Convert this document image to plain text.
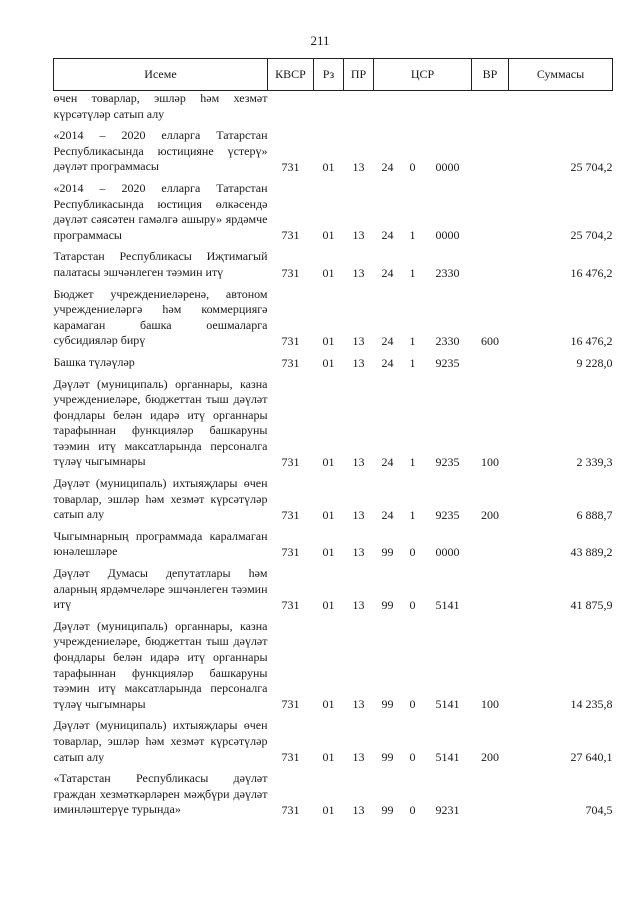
211
Исеме	КВСР	Рз	ПР	ЦСР			ВР	Суммасы
өчен товарлар, эшләр һәм хезмәт күрсәтүләр сатып алу								

«2014 – 2020 елларга Татарстан Республикасында юстицияне үстерү» дәүләт программасы	731	01	13	24	0	0000		25 704,2

«2014 – 2020 елларга Татарстан Республикасында юстиция өлкәсендә дәүләт сәясәтен гамәлгә ашыру» ярдәмче программасы	731	01	13	24	1	0000		25 704,2

Татарстан Республикасы Иҗтимагый палатасы эшчәнлеген тәэмин итү	731	01	13	24	1	2330		16 476,2

Бюджет учреждениеләренә, автоном учреждениеләргә һәм коммерциягә карамаган башка оешмаларга субсидияләр бирү	731	01	13	24	1	2330	600	16 476,2

Башка түләүләр	731	01	13	24	1	9235		9 228,0

Дәүләт (муниципаль) органнары, казна учреждениеләре, бюджеттан тыш дәүләт фондлары белән идарә итү органнары тарафыннан функцияләр башкаруны тәэмин итү максатларында персоналга түләү чыгымнары	731	01	13	24	1	9235	100	2 339,3

Дәүләт (муниципаль) ихтыяҗлары өчен товарлар, эшләр һәм хезмәт күрсәтүләр сатып алу	731	01	13	24	1	9235	200	6 888,7

Чыгымнарның программада каралмаган юнәлешләре	731	01	13	99	0	0000		43 889,2

Дәүләт Думасы депутатлары һәм аларның ярдәмчеләре эшчәнлеген тәэмин итү	731	01	13	99	0	5141		41 875,9

Дәүләт (муниципаль) органнары, казна учреждениеләре, бюджеттан тыш дәүләт фондлары белән идарә итү органнары тарафыннан функцияләр башкаруны тәэмин итү максатларында персоналга түләү чыгымнары	731	01	13	99	0	5141	100	14 235,8

Дәүләт (муниципаль) ихтыяҗлары өчен товарлар, эшләр һәм хезмәт күрсәтүләр сатып алу	731	01	13	99	0	5141	200	27 640,1

«Татарстан Республикасы дәүләт граждан хезмәткәрләрен мәҗбүри дәүләт иминләштерүе турында»	731	01	13	99	0	9231		704,5
